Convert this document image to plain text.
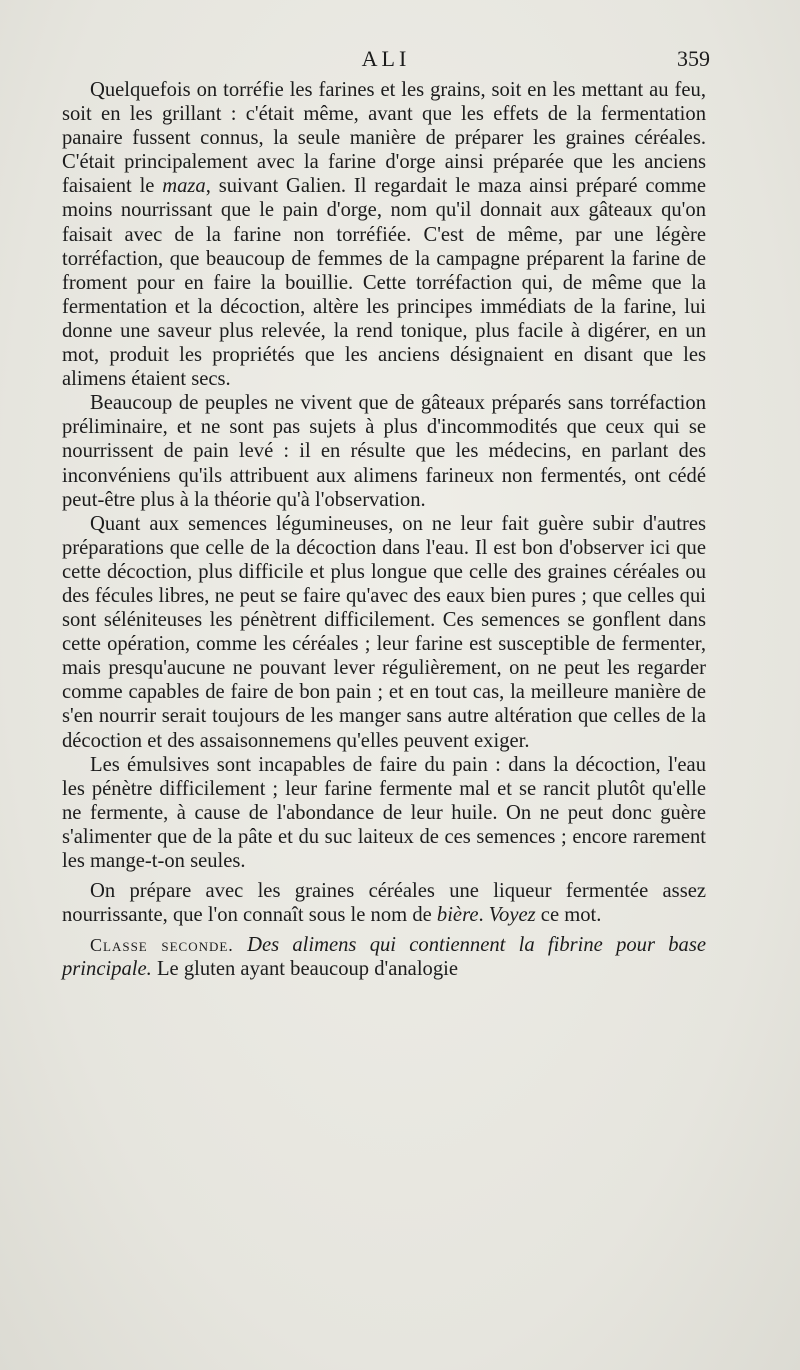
ALI	359

Quelquefois on torréfie les farines et les grains, soit en les mettant au feu, soit en les grillant : c'était même, avant que les effets de la fermentation panaire fussent connus, la seule manière de préparer les graines céréales. C'était principalement avec la farine d'orge ainsi préparée que les anciens faisaient le maza, suivant Galien. Il regardait le maza ainsi préparé comme moins nourrissant que le pain d'orge, nom qu'il donnait aux gâteaux qu'on faisait avec de la farine non torréfiée. C'est de même, par une légère torréfaction, que beaucoup de femmes de la campagne préparent la farine de froment pour en faire la bouillie. Cette torréfaction qui, de même que la fermentation et la décoction, altère les principes immédiats de la farine, lui donne une saveur plus relevée, la rend tonique, plus facile à digérer, en un mot, produit les propriétés que les anciens désignaient en disant que les alimens étaient secs.

Beaucoup de peuples ne vivent que de gâteaux préparés sans torréfaction préliminaire, et ne sont pas sujets à plus d'incommodités que ceux qui se nourrissent de pain levé : il en résulte que les médecins, en parlant des inconvéniens qu'ils attribuent aux alimens farineux non fermentés, ont cédé peut-être plus à la théorie qu'à l'observation.

Quant aux semences légumineuses, on ne leur fait guère subir d'autres préparations que celle de la décoction dans l'eau. Il est bon d'observer ici que cette décoction, plus difficile et plus longue que celle des graines céréales ou des fécules libres, ne peut se faire qu'avec des eaux bien pures ; que celles qui sont séléniteuses les pénètrent difficilement. Ces semences se gonflent dans cette opération, comme les céréales ; leur farine est susceptible de fermenter, mais presqu'aucune ne pouvant lever régulièrement, on ne peut les regarder comme capables de faire de bon pain ; et en tout cas, la meilleure manière de s'en nourrir serait toujours de les manger sans autre altération que celles de la décoction et des assaisonnemens qu'elles peuvent exiger.

Les émulsives sont incapables de faire du pain : dans la décoction, l'eau les pénètre difficilement ; leur farine fermente mal et se rancit plutôt qu'elle ne fermente, à cause de l'abondance de leur huile. On ne peut donc guère s'alimenter que de la pâte et du suc laiteux de ces semences ; encore rarement les mange-t-on seules.

On prépare avec les graines céréales une liqueur fermentée assez nourrissante, que l'on connaît sous le nom de bière. Voyez ce mot.

Classe seconde. Des alimens qui contiennent la fibrine pour base principale. Le gluten ayant beaucoup d'analogie
